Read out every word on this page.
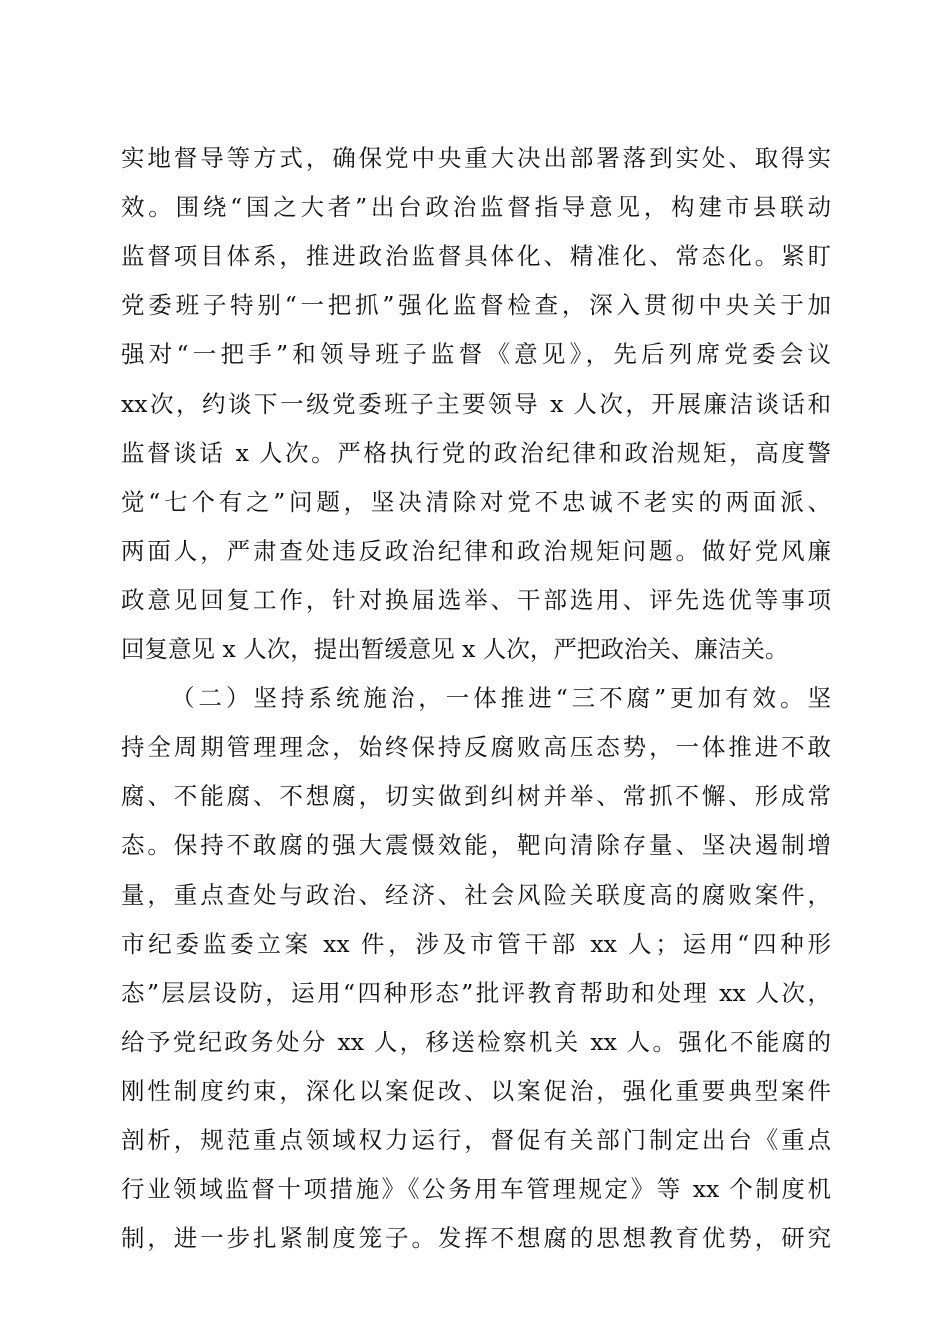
实地督导等方式，确保党中央重大决出部署落到实处、取得实
效。围绕“国之大者”出台政治监督指导意见，构建市县联动
监督项目体系，推进政治监督具体化、精准化、常态化。紧盯
党委班子特别“一把抓”强化监督检查，深入贯彻中央关于加
强对“一把手”和领导班子监督《意见》，先后列席党委会议
xx次，约谈下一级党委班子主要领导 x 人次，开展廉洁谈话和
监督谈话 x 人次。严格执行党的政治纪律和政治规矩，高度警
觉“七个有之”问题，坚决清除对党不忠诚不老实的两面派、
两面人，严肃查处违反政治纪律和政治规矩问题。做好党风廉
政意见回复工作，针对换届选举、干部选用、评先选优等事项
回复意见 x 人次，提出暂缓意见 x 人次，严把政治关、廉洁关。
（二）坚持系统施治，一体推进“三不腐”更加有效。坚
持全周期管理理念，始终保持反腐败高压态势，一体推进不敢
腐、不能腐、不想腐，切实做到纠树并举、常抓不懈、形成常
态。保持不敢腐的强大震慑效能，靶向清除存量、坚决遏制增
量，重点查处与政治、经济、社会风险关联度高的腐败案件，
市纪委监委立案 xx 件，涉及市管干部 xx 人；运用“四种形
态”层层设防，运用“四种形态”批评教育帮助和处理 xx 人次，
给予党纪政务处分 xx 人，移送检察机关 xx 人。强化不能腐的
刚性制度约束，深化以案促改、以案促治，强化重要典型案件
剖析，规范重点领域权力运行，督促有关部门制定出台《重点
行业领域监督十项措施》《公务用车管理规定》等 xx 个制度机
制，进一步扎紧制度笼子。发挥不想腐的思想教育优势，研究
